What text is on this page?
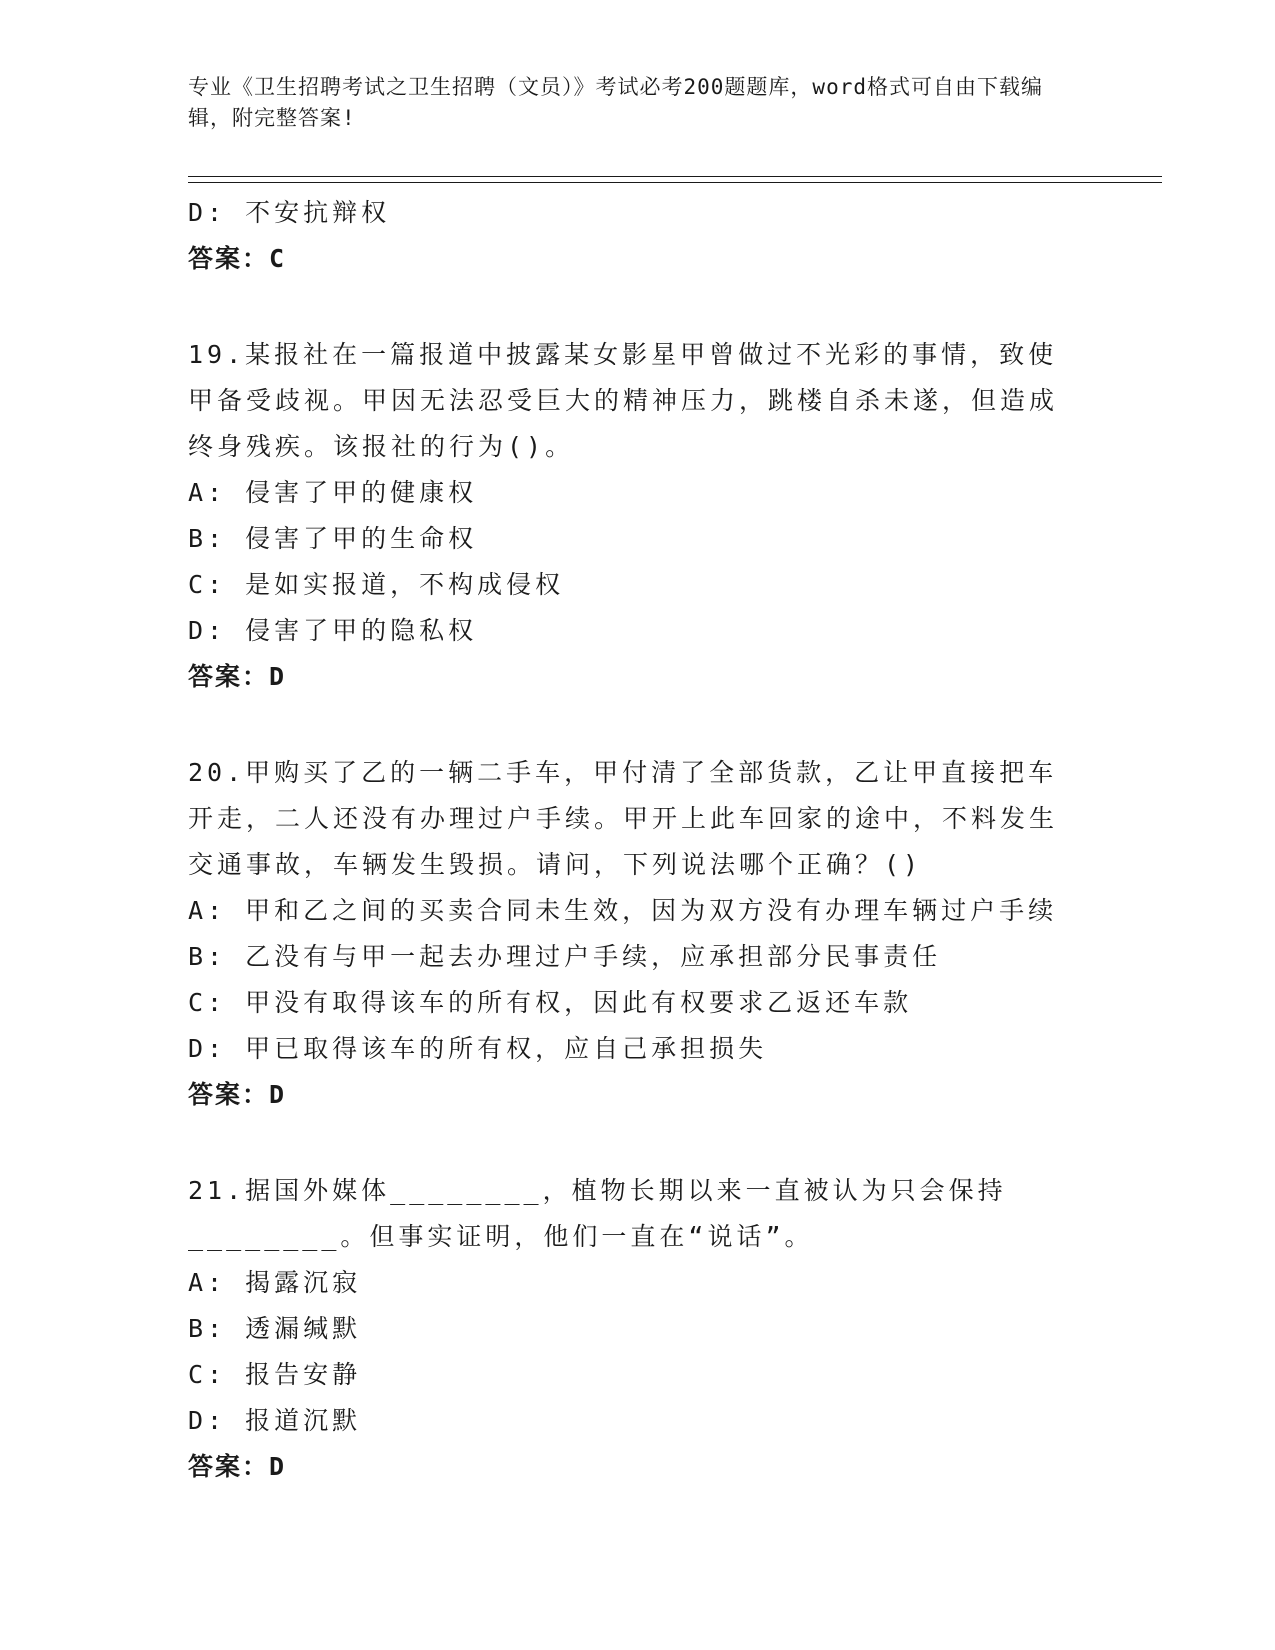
专业《卫生招聘考试之卫生招聘（文员）》考试必考200题题库，word格式可自由下载编辑，附完整答案!
D: 不安抗辩权
答案：C
19.某报社在一篇报道中披露某女影星甲曾做过不光彩的事情，致使甲备受歧视。甲因无法忍受巨大的精神压力，跳楼自杀未遂，但造成终身残疾。该报社的行为()。
A: 侵害了甲的健康权
B: 侵害了甲的生命权
C: 是如实报道，不构成侵权
D: 侵害了甲的隐私权
答案：D
20.甲购买了乙的一辆二手车，甲付清了全部货款，乙让甲直接把车开走，二人还没有办理过户手续。甲开上此车回家的途中，不料发生交通事故，车辆发生毁损。请问，下列说法哪个正确？()
A: 甲和乙之间的买卖合同未生效，因为双方没有办理车辆过户手续
B: 乙没有与甲一起去办理过户手续，应承担部分民事责任
C: 甲没有取得该车的所有权，因此有权要求乙返还车款
D: 甲已取得该车的所有权，应自己承担损失
答案：D
21.据国外媒体________，植物长期以来一直被认为只会保持________。但事实证明，他们一直在“说话”。
A: 揭露沉寂
B: 透漏缄默
C: 报告安静
D: 报道沉默
答案：D
